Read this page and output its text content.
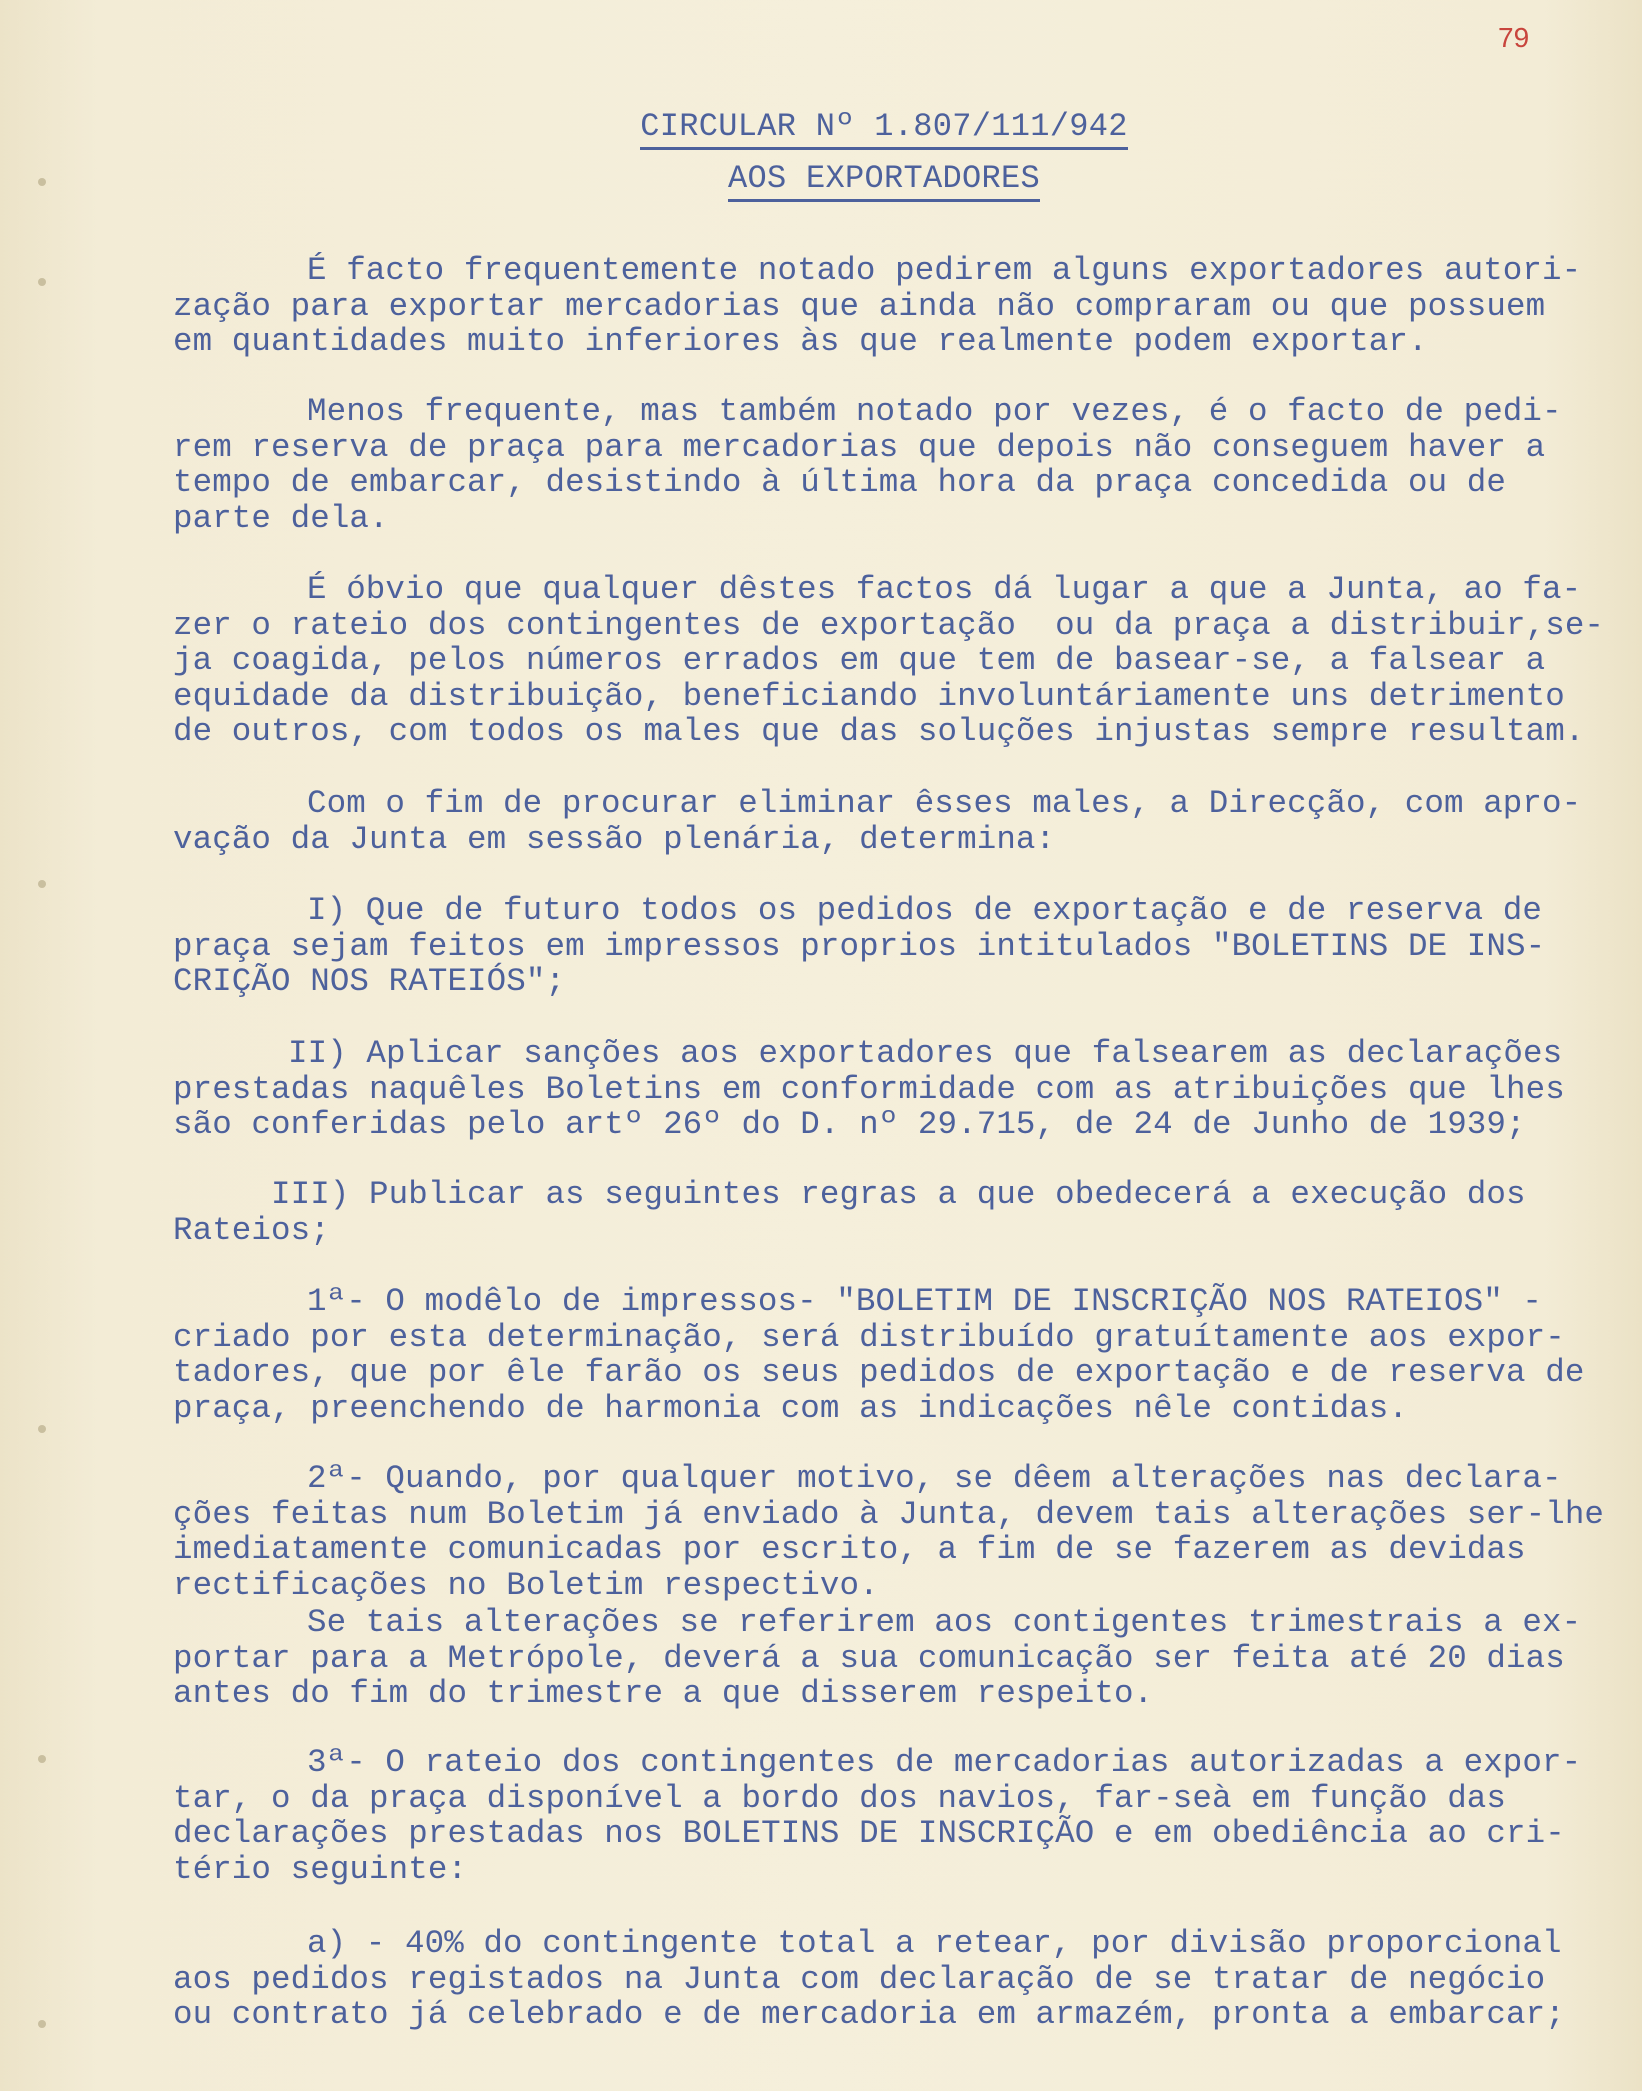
79
CIRCULAR Nº 1.807/111/942
AOS EXPORTADORES
É facto frequentemente notado pedirem alguns exportadores autori-
zação para exportar mercadorias que ainda não compraram ou que possuem
em quantidades muito inferiores às que realmente podem exportar.
Menos frequente, mas também notado por vezes, é o facto de pedi-
rem reserva de praça para mercadorias que depois não conseguem haver a
tempo de embarcar, desistindo à última hora da praça concedida ou de
parte dela.
É óbvio que qualquer dêstes factos dá lugar a que a Junta, ao fa-
zer o rateio dos contingentes de exportação  ou da praça a distribuir,se-
ja coagida, pelos números errados em que tem de basear-se, a falsear a
equidade da distribuição, beneficiando involuntáriamente uns detrimento
de outros, com todos os males que das soluções injustas sempre resultam.
Com o fim de procurar eliminar êsses males, a Direcção, com apro-
vação da Junta em sessão plenária, determina:
I) Que de futuro todos os pedidos de exportação e de reserva de
praça sejam feitos em impressos proprios intitulados "BOLETINS DE INS-
CRIÇÃO NOS RATEIÓS";
II) Aplicar sanções aos exportadores que falsearem as declarações
prestadas naquêles Boletins em conformidade com as atribuições que lhes
são conferidas pelo artº 26º do D. nº 29.715, de 24 de Junho de 1939;
III) Publicar as seguintes regras a que obedecerá a execução dos
Rateios;
1ª- O modêlo de impressos- "BOLETIM DE INSCRIÇÃO NOS RATEIOS" -
criado por esta determinação, será distribuído gratuítamente aos expor-
tadores, que por êle farão os seus pedidos de exportação e de reserva de
praça, preenchendo de harmonia com as indicações nêle contidas.
2ª- Quando, por qualquer motivo, se dêem alterações nas declara-
ções feitas num Boletim já enviado à Junta, devem tais alterações ser-lhe
imediatamente comunicadas por escrito, a fim de se fazerem as devidas
rectificações no Boletim respectivo.
Se tais alterações se referirem aos contigentes trimestrais a ex-
portar para a Metrópole, deverá a sua comunicação ser feita até 20 dias
antes do fim do trimestre a que disserem respeito.
3ª- O rateio dos contingentes de mercadorias autorizadas a expor-
tar, o da praça disponível a bordo dos navios, far-seà em função das
declarações prestadas nos BOLETINS DE INSCRIÇÃO e em obediência ao cri-
tério seguinte:
a) - 40% do contingente total a retear, por divisão proporcional
aos pedidos registados na Junta com declaração de se tratar de negócio
ou contrato já celebrado e de mercadoria em armazém, pronta a embarcar;
